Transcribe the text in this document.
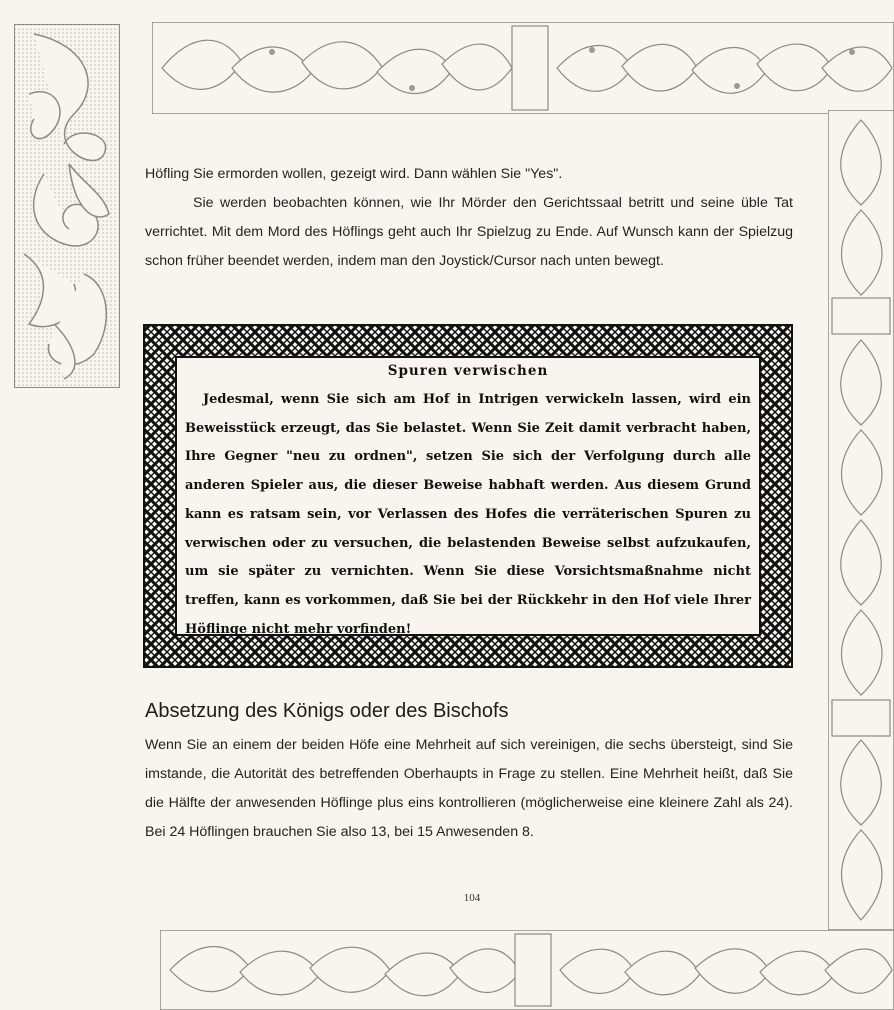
Höfling Sie ermorden wollen, gezeigt wird. Dann wählen Sie "Yes".

Sie werden beobachten können, wie Ihr Mörder den Gerichtssaal betritt und seine üble Tat verrichtet. Mit dem Mord des Höflings geht auch Ihr Spielzug zu Ende. Auf Wunsch kann der Spielzug schon früher beendet werden, indem man den Joystick/Cursor nach unten bewegt.

Spuren verwischen

Jedesmal, wenn Sie sich am Hof in Intrigen verwickeln lassen, wird ein Beweisstück erzeugt, das Sie belastet. Wenn Sie Zeit damit verbracht haben, Ihre Gegner "neu zu ordnen", setzen Sie sich der Verfolgung durch alle anderen Spieler aus, die dieser Beweise habhaft werden. Aus diesem Grund kann es ratsam sein, vor Verlassen des Hofes die verräterischen Spuren zu verwischen oder zu versuchen, die belastenden Beweise selbst aufzukaufen, um sie später zu vernichten. Wenn Sie diese Vorsichtsmaßnahme nicht treffen, kann es vorkommen, daß Sie bei der Rückkehr in den Hof viele Ihrer Höflinge nicht mehr vorfinden!

Absetzung des Königs oder des Bischofs

Wenn Sie an einem der beiden Höfe eine Mehrheit auf sich vereinigen, die sechs übersteigt, sind Sie imstande, die Autorität des betreffenden Oberhaupts in Frage zu stellen. Eine Mehrheit heißt, daß Sie die Hälfte der anwesenden Höflinge plus eins kontrollieren (möglicherweise eine kleinere Zahl als 24). Bei 24 Höflingen brauchen Sie also 13, bei 15 Anwesenden 8.

104
